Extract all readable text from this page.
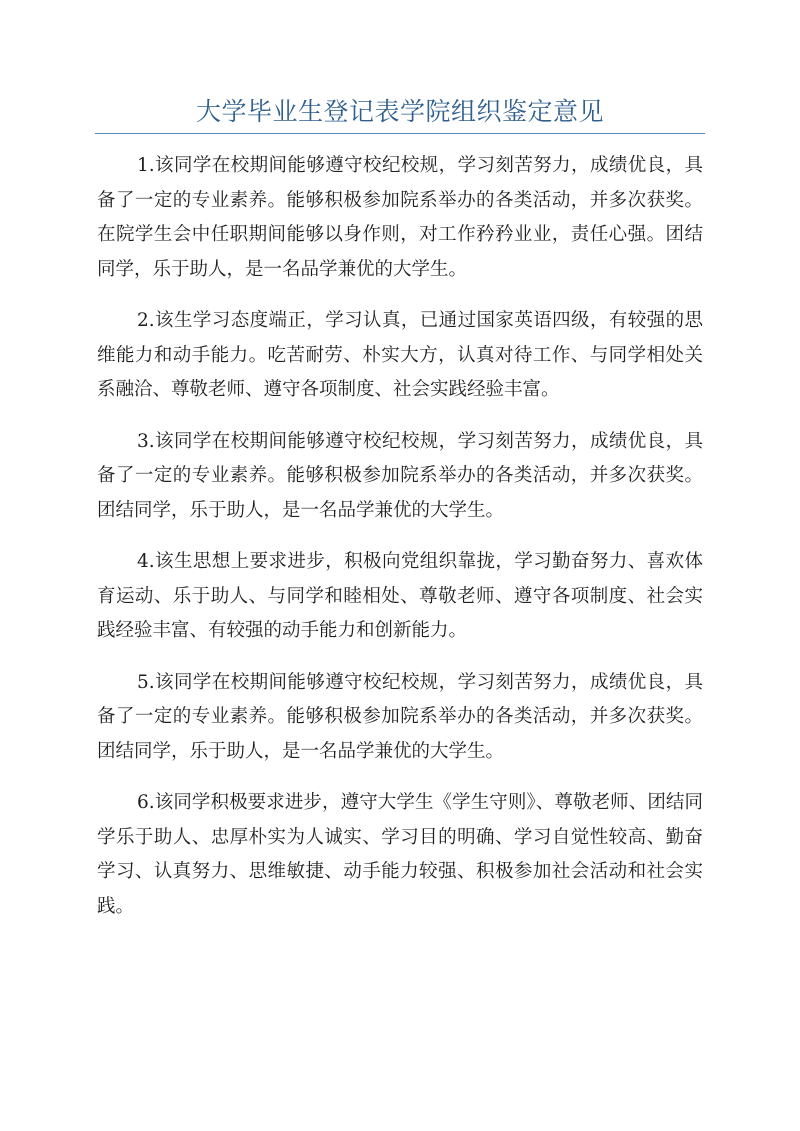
大学毕业生登记表学院组织鉴定意见

1.该同学在校期间能够遵守校纪校规，学习刻苦努力，成绩优良，具备了一定的专业素养。能够积极参加院系举办的各类活动，并多次获奖。在院学生会中任职期间能够以身作则，对工作矜矜业业，责任心强。团结同学，乐于助人，是一名品学兼优的大学生。

2.该生学习态度端正，学习认真，已通过国家英语四级，有较强的思维能力和动手能力。吃苦耐劳、朴实大方，认真对待工作、与同学相处关系融洽、尊敬老师、遵守各项制度、社会实践经验丰富。

3.该同学在校期间能够遵守校纪校规，学习刻苦努力，成绩优良，具备了一定的专业素养。能够积极参加院系举办的各类活动，并多次获奖。团结同学，乐于助人，是一名品学兼优的大学生。

4.该生思想上要求进步，积极向党组织靠拢，学习勤奋努力、喜欢体育运动、乐于助人、与同学和睦相处、尊敬老师、遵守各项制度、社会实践经验丰富、有较强的动手能力和创新能力。

5.该同学在校期间能够遵守校纪校规，学习刻苦努力，成绩优良，具备了一定的专业素养。能够积极参加院系举办的各类活动，并多次获奖。团结同学，乐于助人，是一名品学兼优的大学生。

6.该同学积极要求进步，遵守大学生《学生守则》、尊敬老师、团结同学乐于助人、忠厚朴实为人诚实、学习目的明确、学习自觉性较高、勤奋学习、认真努力、思维敏捷、动手能力较强、积极参加社会活动和社会实践。
